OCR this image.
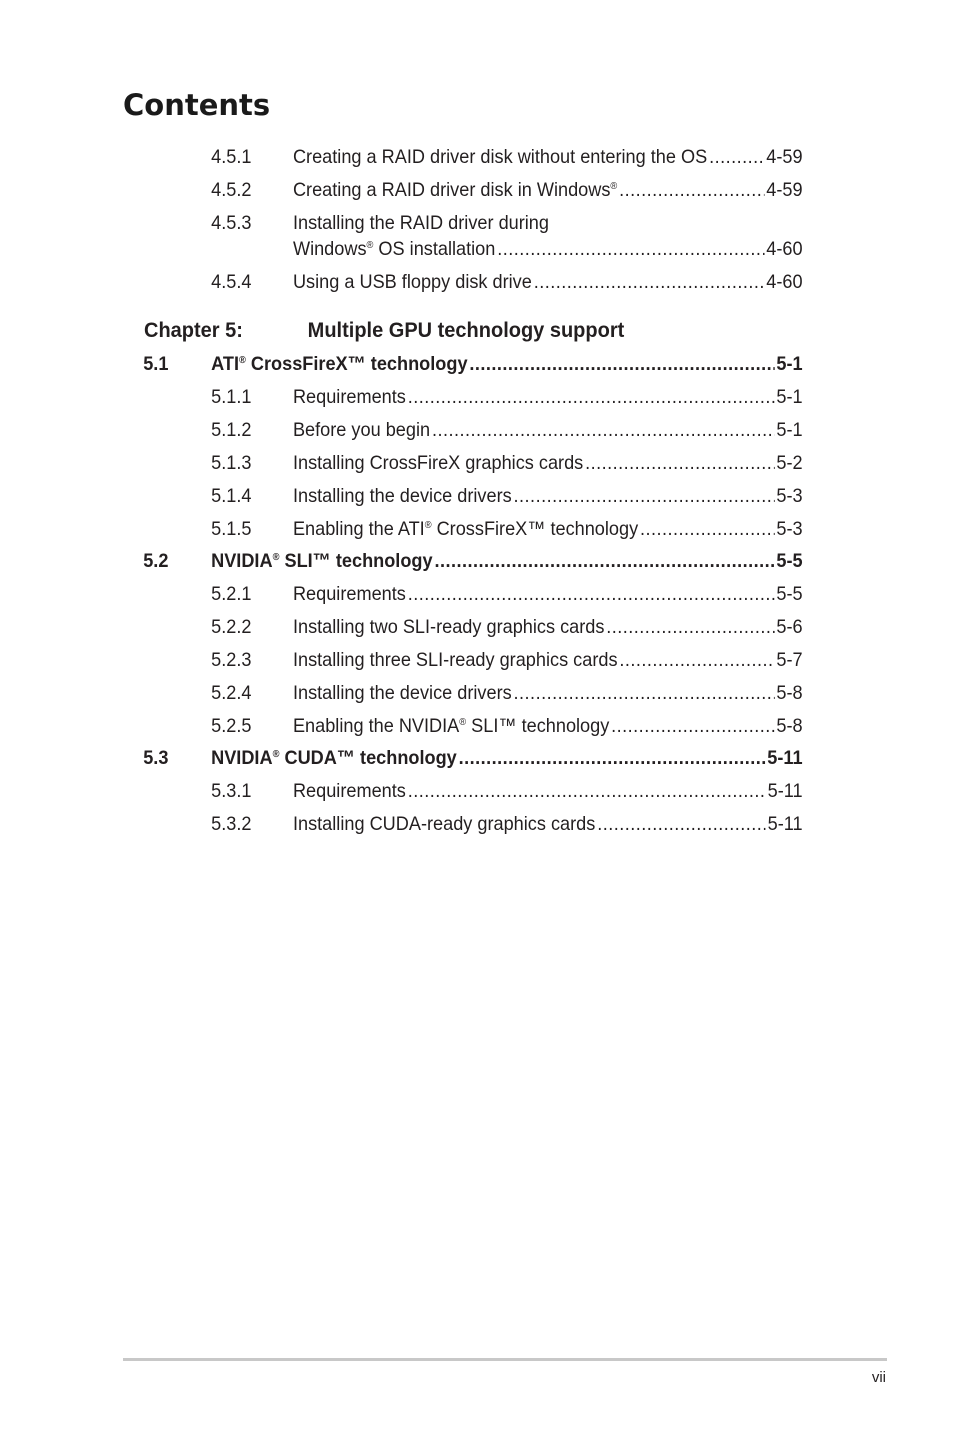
Contents
4.5.1 Creating a RAID driver disk without entering the OS .....	4-59
4.5.2 Creating a RAID driver disk in Windows® .....	4-59
4.5.3 Installing the RAID driver during
Windows® OS installation .....	4-60
4.5.4 Using a USB floppy disk drive .....	4-60
Chapter 5:	Multiple GPU technology support
5.1 ATI® CrossFireX™ technology .....	5-1
5.1.1 Requirements .....	5-1
5.1.2 Before you begin .....	5-1
5.1.3 Installing CrossFireX graphics cards .....	5-2
5.1.4 Installing the device drivers .....	5-3
5.1.5 Enabling the ATI® CrossFireX™ technology .....	5-3
5.2 NVIDIA® SLI™ technology .....	5-5
5.2.1 Requirements .....	5-5
5.2.2 Installing two SLI-ready graphics cards .....	5-6
5.2.3 Installing three SLI-ready graphics cards .....	5-7
5.2.4 Installing the device drivers .....	5-8
5.2.5 Enabling the NVIDIA® SLI™ technology .....	5-8
5.3 NVIDIA® CUDA™ technology .....	5-11
5.3.1 Requirements .....	5-11
5.3.2 Installing CUDA-ready graphics cards .....	5-11
vii
